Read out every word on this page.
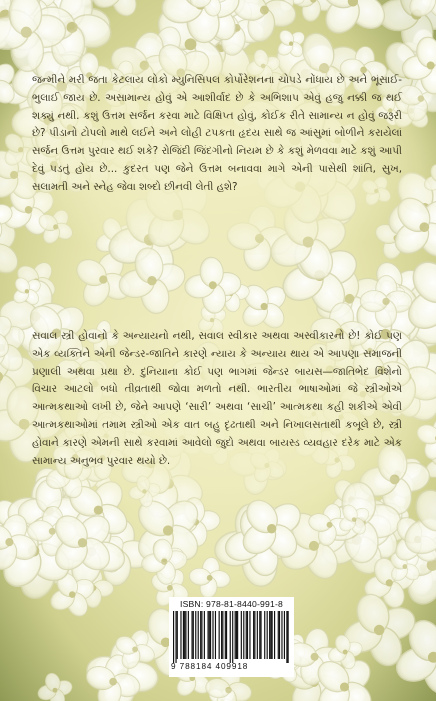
જન્મીને મરી જતા કેટલાય લોકો મ્યુનિસિપલ કોર્પોરેશનના ચોપડે નોંધાય છે અને ભૂંસાઈ-ભુલાઈ જાય છે. અસામાન્ય હોવું એ આશીર્વાદ છે કે અભિશાપ એવું હજુ નક્કી જ થઈ શક્યું નથી. કશું ઉત્તમ સર્જન કરવા માટે વિક્ષિપ્ત હોવું, કોઈક રીતે સામાન્ય ન હોવું જરૂરી છે? પીડાનો ટોપલો માથે લઈને અને લોહી ટપકતા હૃદય સાથે જ આંસુમાં બોળીને કરાયેલાં સર્જન ઉત્તમ પુરવાર થઈ શકે? રોજિંદી જિંદગીનો નિયમ છે કે કશું મેળવવા માટે કશું આપી દેવું પડતું હોય છે... કુદરત પણ જેને ઉત્તમ બનાવવા માગે એની પાસેથી શાંતિ, સુખ, સલામતી અને સ્નેહ જેવા શબ્દો છીનવી લેતી હશે?

સવાલ સ્ત્રી હોવાનો કે અન્યાયનો નથી, સવાલ સ્વીકાર અથવા અસ્વીકારનો છે! કોઈ પણ એક વ્યક્તિને એની જેન્ડર-જાતિને કારણે ન્યાય કે અન્યાય થાય એ આપણા સમાજની પ્રણાલી અથવા પ્રથા છે. દુનિયાના કોઈ પણ ભાગમાં જેન્ડર બાયસ—જાતિભેદ વિશેનો વિચાર આટલો બધો તીવ્રતાથી જોવા મળતો નથી. ભારતીય ભાષાઓમાં જે સ્ત્રીઓએ આત્મકથાઓ લખી છે, જેને આપણે ‘સારી’ અથવા ‘સાચી’ આત્મકથા કહી શકીએ એવી આત્મકથાઓમાં તમામ સ્ત્રીઓ એક વાત બહુ દૃઢતાથી અને નિખાલસતાથી કબૂલે છે, સ્ત્રી હોવાને કારણે એમની સાથે કરવામાં આવેલો જુદો અથવા બાયસ્ડ વ્યવહાર દરેક માટે એક સામાન્ય અનુભવ પુરવાર થયો છે.

ISBN: 978-81-8440-991-8
9 788184 409918
